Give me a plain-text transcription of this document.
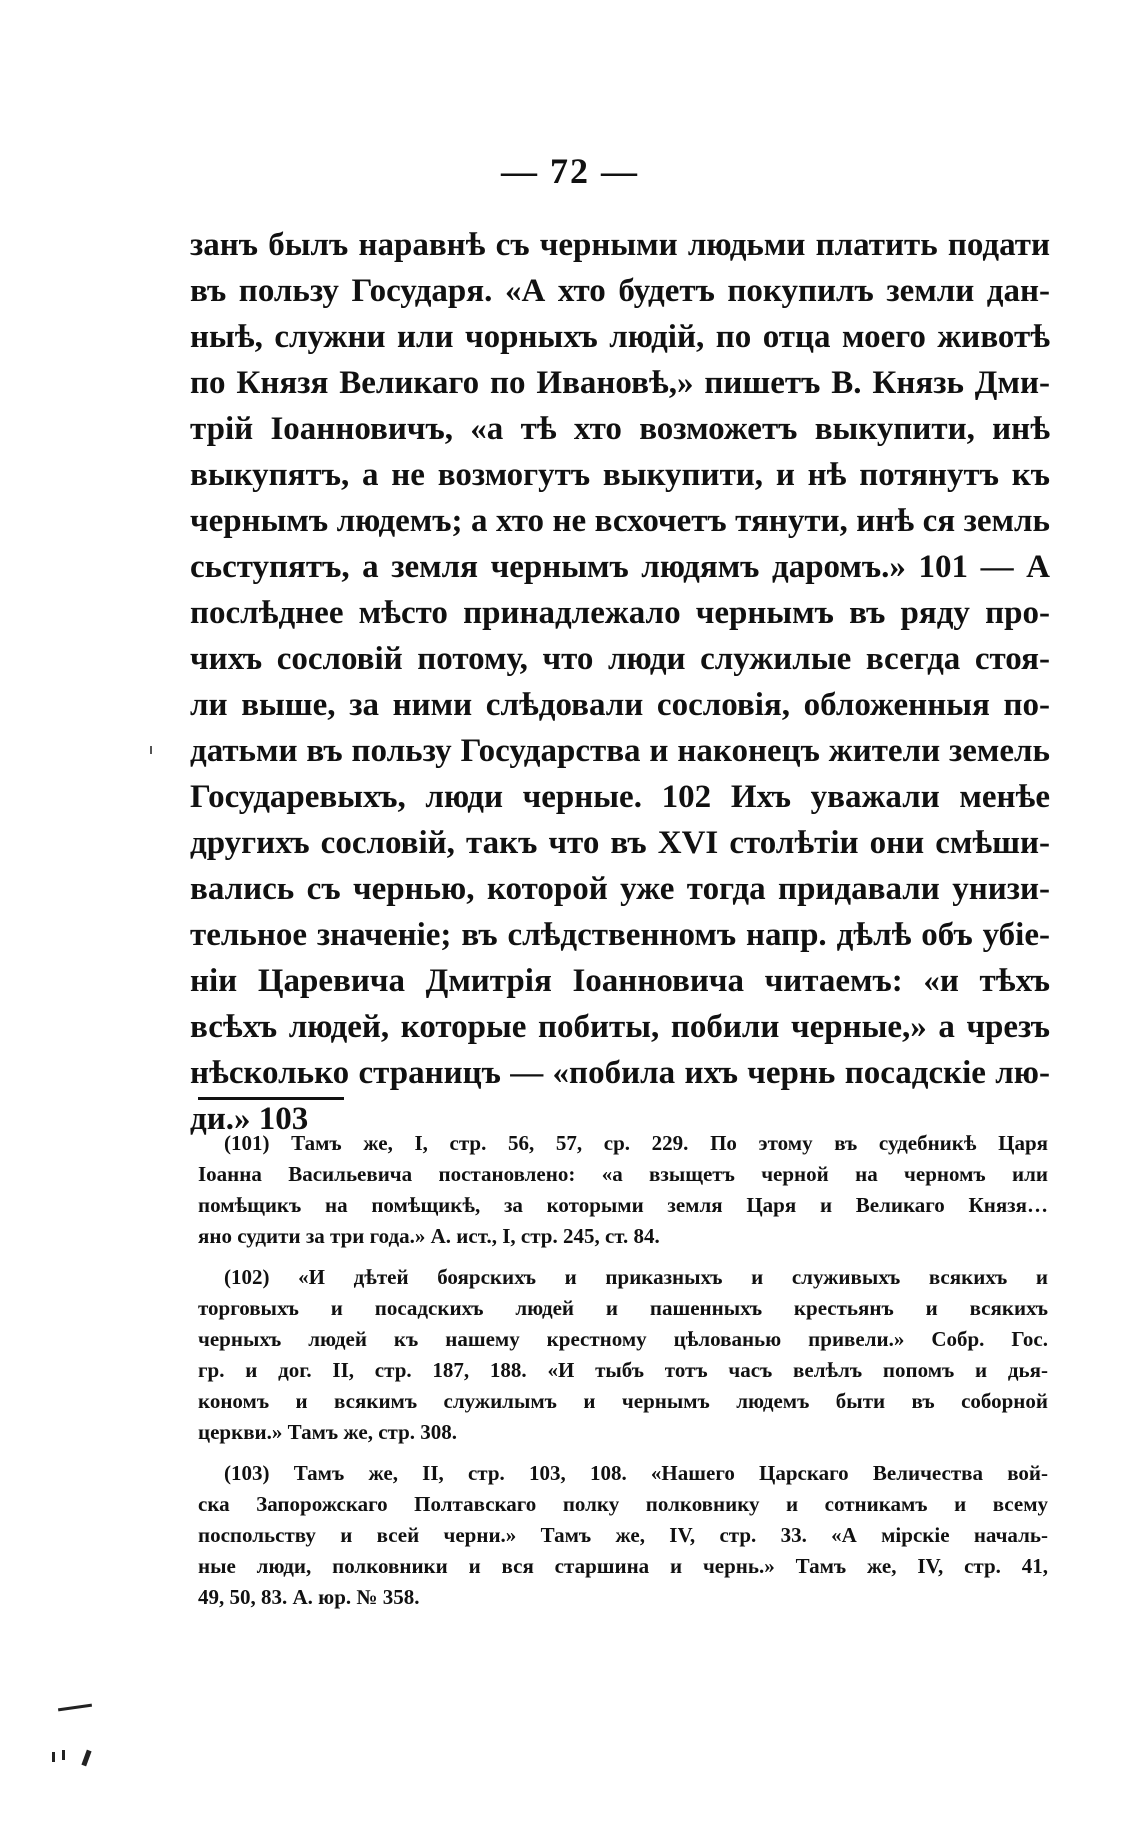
— 72 —
занъ былъ наравнѣ съ черными людьми платить подати
въ пользу Государя. «А хто будетъ покупилъ земли дан-
ныѣ, служни или чорныхъ людій, по отца моего животѣ
по Князя Великаго по Ивановѣ,» пишетъ В. Князь Дми-
трій Іоанновичъ, «а тѣ хто возможетъ выкупити, инѣ
выкупятъ, а не возмогутъ выкупити, и нѣ потянутъ къ
чернымъ людемъ; а хто не всхочетъ тянути, инѣ ся земль
сьступятъ, а земля чернымъ людямъ даромъ.» 101 — А
послѣднее мѣсто принадлежало чернымъ въ ряду про-
чихъ сословій потому, что люди служилые всегда стоя-
ли выше, за ними слѣдовали сословія, обложенныя по-
датьми въ пользу Государства и наконецъ жители земель
Государевыхъ, люди черные. 102 Ихъ уважали менѣе
другихъ сословій, такъ что въ XVI столѣтіи они смѣши-
вались съ чернью, которой уже тогда придавали унизи-
тельное значеніе; въ слѣдственномъ напр. дѣлѣ объ убіе-
ніи Царевича Дмитрія Іоанновича читаемъ: «и тѣхъ
всѣхъ людей, которые побиты, побили черные,» а чрезъ
нѣсколько страницъ — «побила ихъ чернь посадскіе лю-
ди.» 103
(101) Тамъ же, I, стр. 56, 57, ср. 229. По этому въ судебникѣ Царя
Іоанна Васильевича постановлено: «а взыщетъ черной на черномъ или
помѣщикъ на помѣщикѣ, за которыми земля Царя и Великаго Князя…
яно судити за три года.» А. ист., I, стр. 245, ст. 84.
(102) «И дѣтей боярскихъ и приказныхъ и служивыхъ всякихъ и
торговыхъ и посадскихъ людей и пашенныхъ крестьянъ и всякихъ
черныхъ людей къ нашему крестному цѣлованью привели.» Собр. Гос.
гр. и дог. II, стр. 187, 188. «И тыбъ тотъ часъ велѣлъ попомъ и дья-
кономъ и всякимъ служилымъ и чернымъ людемъ быти въ соборной
церкви.» Тамъ же, стр. 308.
(103) Тамъ же, II, стр. 103, 108. «Нашего Царскаго Величества вой-
ска Запорожскаго Полтавскаго полку полковнику и сотникамъ и всему
поспольству и всей черни.» Тамъ же, IV, стр. 33. «А мірскіе началь-
ные люди, полковники и вся старшина и чернь.» Тамъ же, IV, стр. 41,
49, 50, 83. А. юр. № 358.
